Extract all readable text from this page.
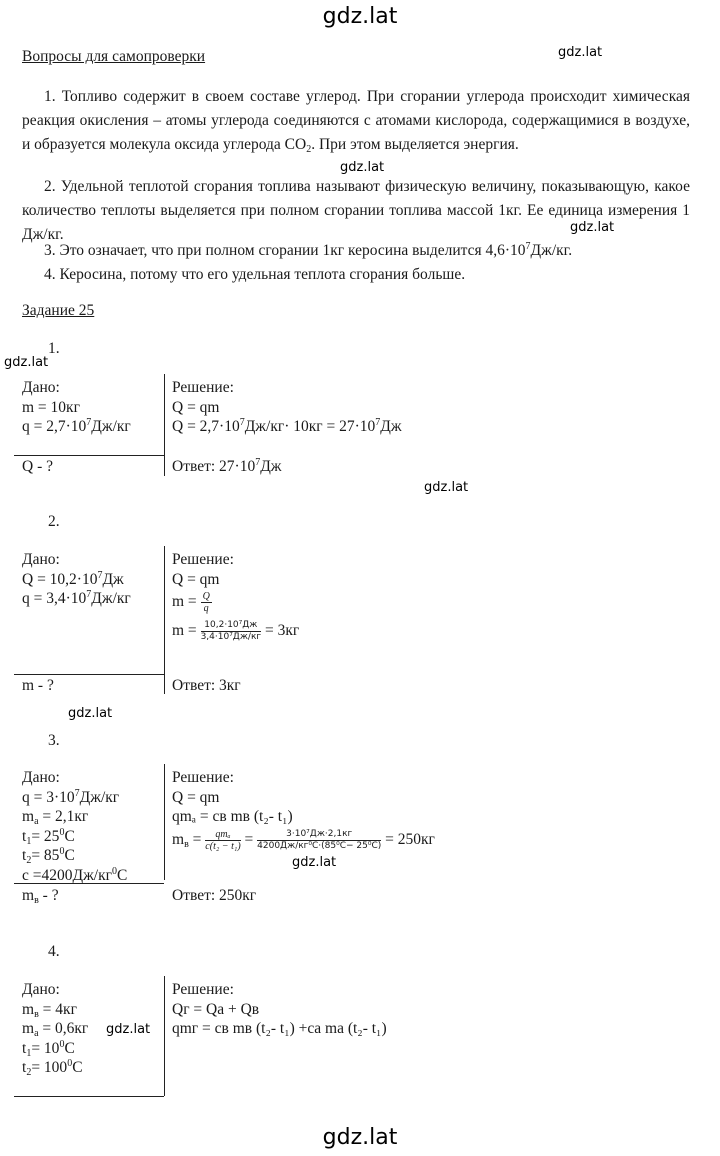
gdz.lat
gdz.lat
gdz.lat
gdz.lat
gdz.lat
gdz.lat
gdz.lat
gdz.lat
gdz.lat
gdz.lat
Вопросы для самопроверки
1. Топливо содержит в своем составе углерод. При сгорании углерода происходит химическая реакция окисления – атомы углерода соединяются с атомами кислорода, содержащимися в воздухе, и образуется молекула оксида углерода $CO_2$. При этом выделяется энергия.
2. Удельной теплотой сгорания топлива называют физическую величину, показывающую, какое количество теплоты выделяется при полном сгорании топлива массой 1кг. Ее единица измерения 1 Дж/кг.
3. Это означает, что при полном сгорании 1кг керосина выделится $4,6\cdot 10^7Дж/кг$.
4. Керосина, потому что его удельная теплота сгорания больше.
Задание 25
1.
Дано:
m = 10кг
$q = 2,7\cdot 10^7Дж/кг$
Q - ?
Решение:
Q = qm
$Q = 2,7\cdot 10^7Дж/кг\cdot 10кг = 27\cdot 10^7Дж$
Ответ: $27\cdot 10^7Дж$
2.
Дано:
$Q = 10,2\cdot 10^7Дж$
$q = 3,4\cdot 10^7Дж/кг$
m - ?
Решение:
Q = qm
$m = \frac{Q}{q}$
$m = \frac{\text{10,2·10⁷Дж}}{\text{3,4·10⁷Дж/кг}} = 3кг$
Ответ: 3кг
3.
Дано:
$q = 3\cdot 10^7Дж/кг$
$m_а = 2,1кг$
$t_1= 25^0С$
$t_2= 85^0С$
$c =4200Дж/кг^0С$
$m_в$ - ?
Решение:
Q = qm
qmₐ = cв mв (t₂- t₁)
$m_в = \frac{\text{qmₐ}}{\text{c(t₂ − t₁)}} = \frac{\text{3·10⁷Дж·2,1кг}}{\text{4200Дж/кг⁰С·(85⁰С− 25⁰С)}} = 250кг$
Ответ: 250кг
4.
Дано:
$m_в = 4кг$
$m_а = 0,6кг$
$t_1= 10^0С$
$t_2= 100^0С$
Решение:
Qг = Qа + Qв
qmг = cв mв (t₂- t₁) +cа mа (t₂- t₁)
